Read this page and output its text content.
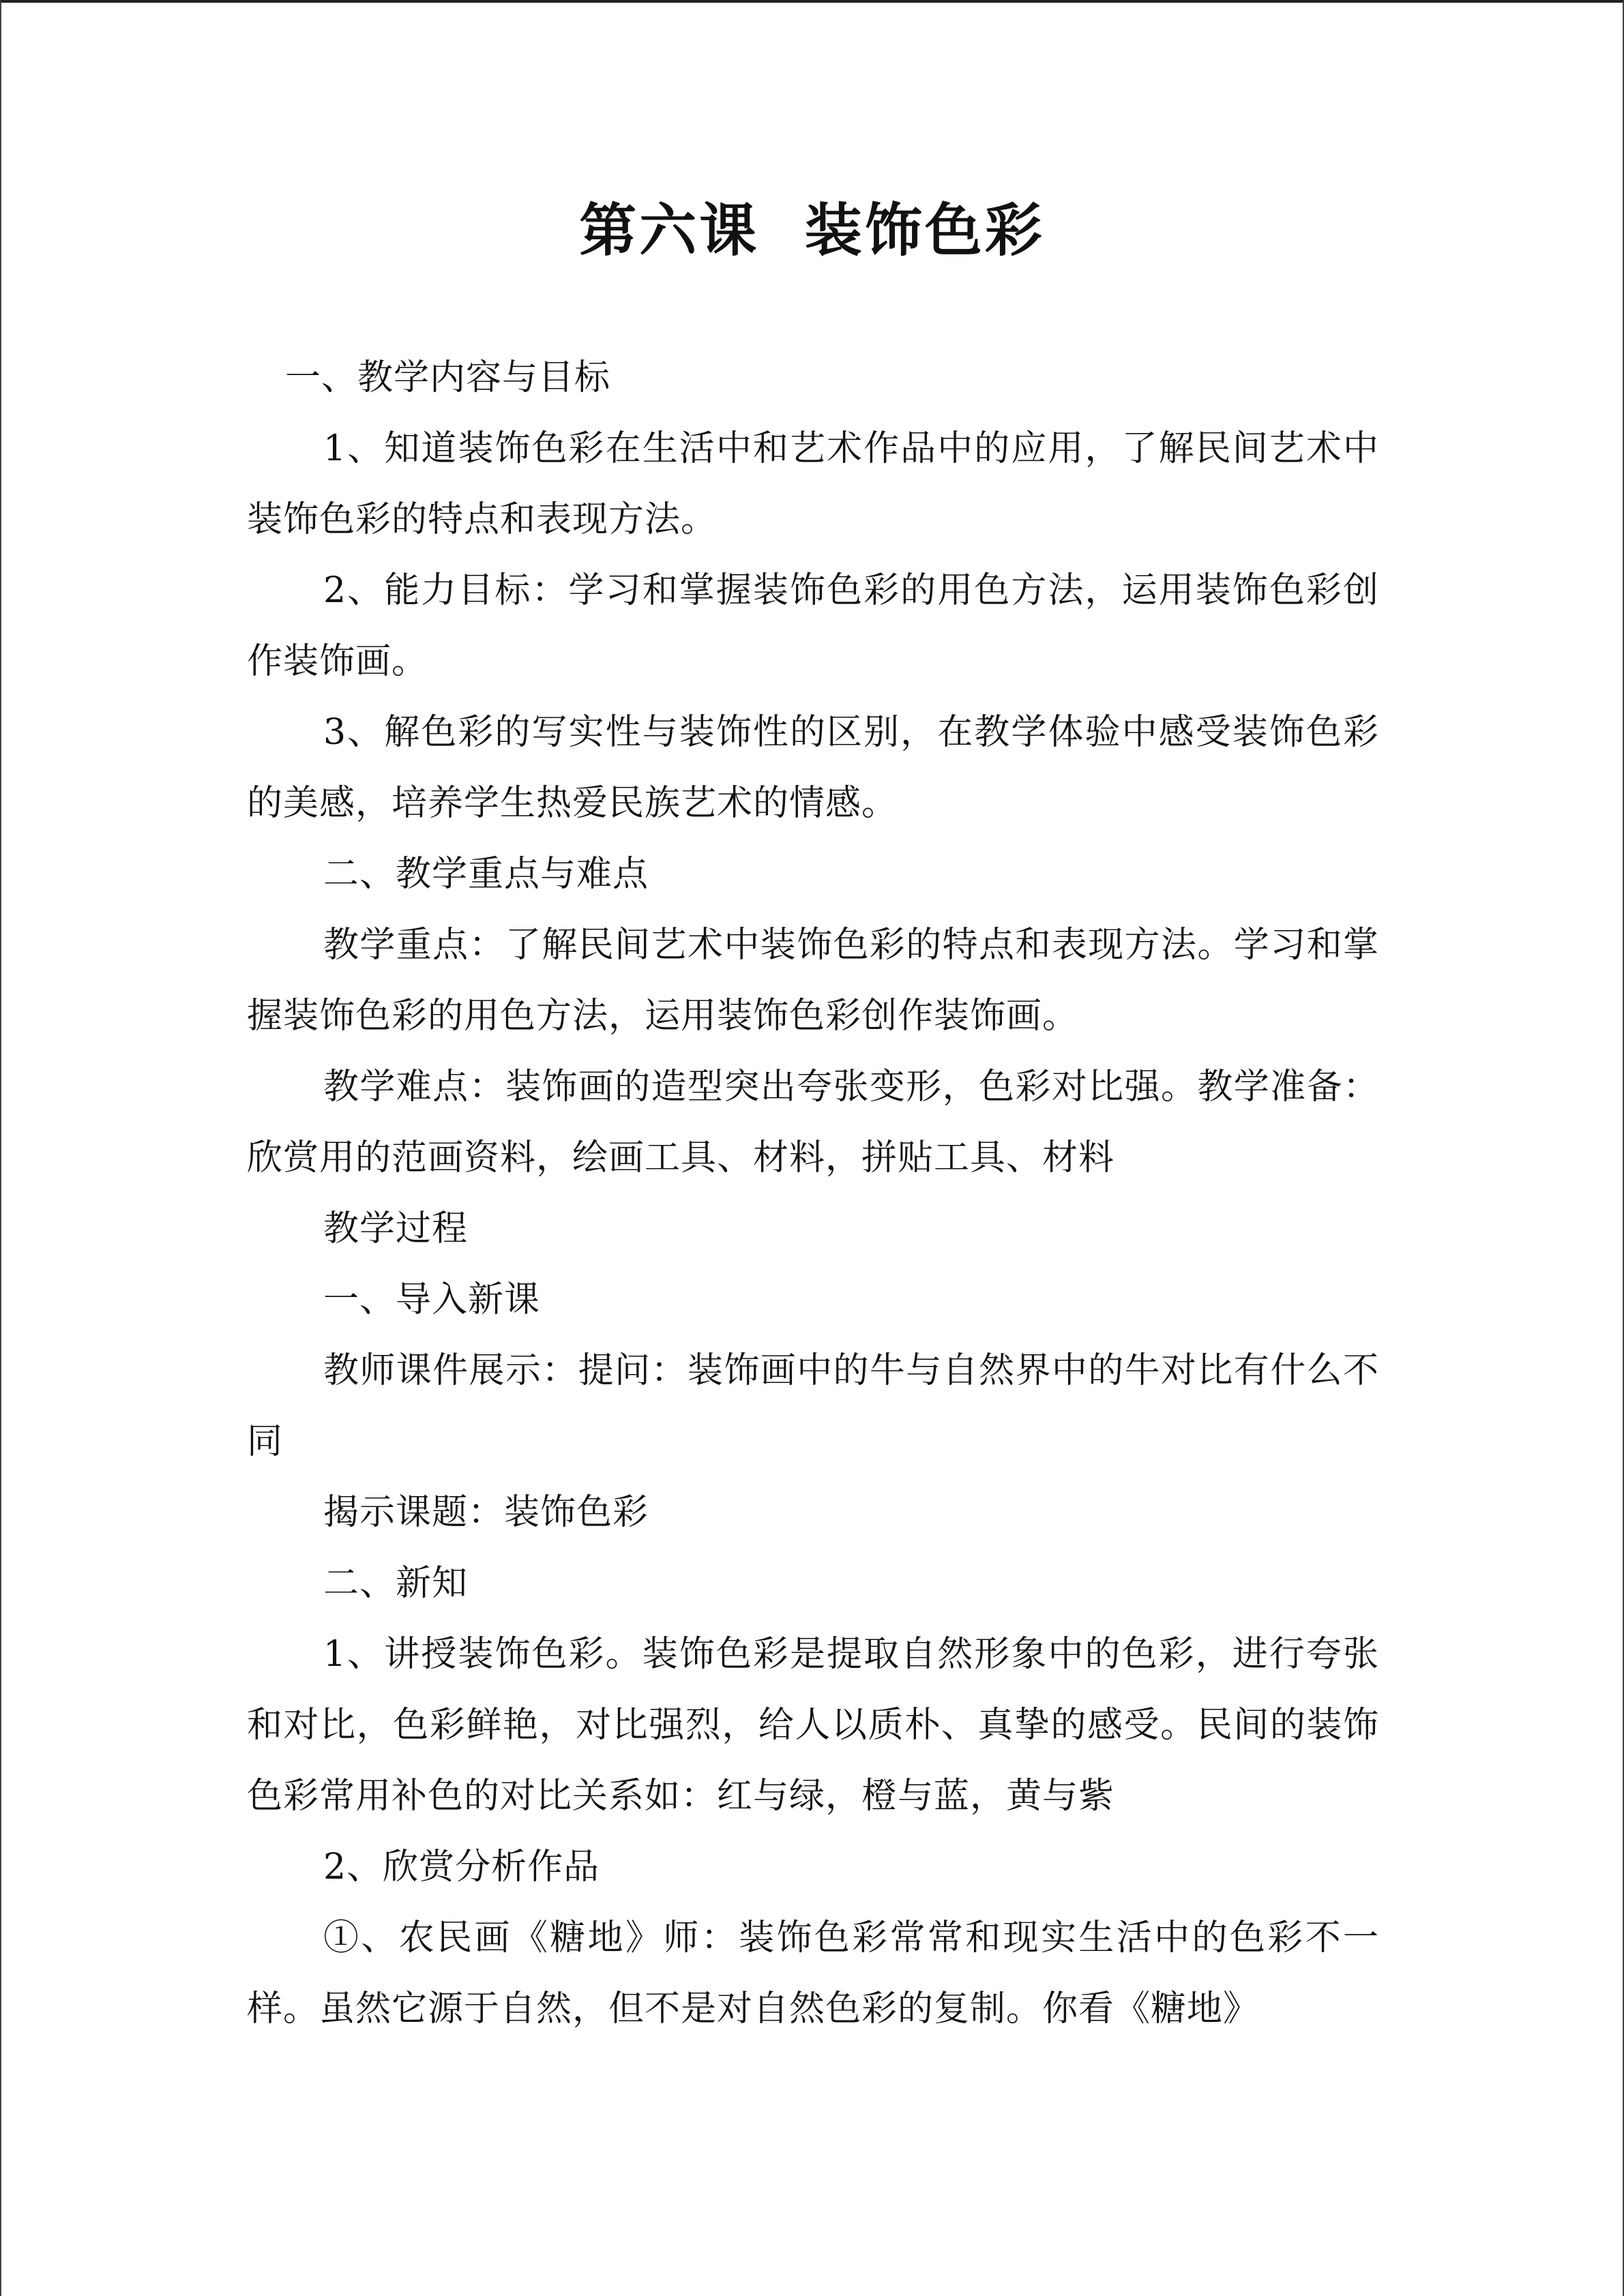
第六课  装饰色彩

一、教学内容与目标

1、知道装饰色彩在生活中和艺术作品中的应用，了解民间艺术中装饰色彩的特点和表现方法。

2、能力目标：学习和掌握装饰色彩的用色方法，运用装饰色彩创作装饰画。

3、解色彩的写实性与装饰性的区别，在教学体验中感受装饰色彩的美感，培养学生热爱民族艺术的情感。

二、教学重点与难点

教学重点：了解民间艺术中装饰色彩的特点和表现方法。学习和掌握装饰色彩的用色方法，运用装饰色彩创作装饰画。

教学难点：装饰画的造型突出夸张变形，色彩对比强。教学准备：欣赏用的范画资料，绘画工具、材料，拼贴工具、材料

教学过程

一、导入新课

教师课件展示：提问：装饰画中的牛与自然界中的牛对比有什么不同

揭示课题：装饰色彩

二、新知

1、讲授装饰色彩。装饰色彩是提取自然形象中的色彩，进行夸张和对比，色彩鲜艳，对比强烈，给人以质朴、真挚的感受。民间的装饰色彩常用补色的对比关系如：红与绿，橙与蓝，黄与紫

2、欣赏分析作品

①、农民画《糖地》师：装饰色彩常常和现实生活中的色彩不一样。虽然它源于自然，但不是对自然色彩的复制。你看《糖地》
